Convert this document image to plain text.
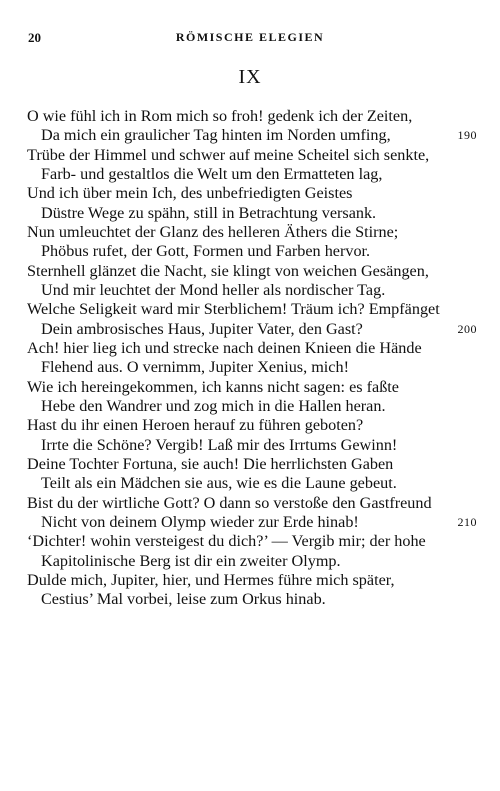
20	RÖMISCHE ELEGIEN
IX
O wie fühl ich in Rom mich so froh! gedenk ich der Zeiten,
Da mich ein graulicher Tag hinten im Norden umfing,	190
Trübe der Himmel und schwer auf meine Scheitel sich senkte,
Farb- und gestaltlos die Welt um den Ermatteten lag,
Und ich über mein Ich, des unbefriedigten Geistes
Düstre Wege zu spähn, still in Betrachtung versank.
Nun umleuchtet der Glanz des helleren Äthers die Stirne;
Phöbus rufet, der Gott, Formen und Farben hervor.
Sternhell glänzet die Nacht, sie klingt von weichen Gesängen,
Und mir leuchtet der Mond heller als nordischer Tag.
Welche Seligkeit ward mir Sterblichem! Träum ich? Empfänget
Dein ambrosisches Haus, Jupiter Vater, den Gast?	200
Ach! hier lieg ich und strecke nach deinen Knieen die Hände
Flehend aus. O vernimm, Jupiter Xenius, mich!
Wie ich hereingekommen, ich kanns nicht sagen: es faßte
Hebe den Wandrer und zog mich in die Hallen heran.
Hast du ihr einen Heroen herauf zu führen geboten?
Irrte die Schöne? Vergib! Laß mir des Irrtums Gewinn!
Deine Tochter Fortuna, sie auch! Die herrlichsten Gaben
Teilt als ein Mädchen sie aus, wie es die Laune gebeut.
Bist du der wirtliche Gott? O dann so verstoße den Gastfreund
Nicht von deinem Olymp wieder zur Erde hinab!	210
‘Dichter! wohin versteigest du dich?’ — Vergib mir; der hohe
Kapitolinische Berg ist dir ein zweiter Olymp.
Dulde mich, Jupiter, hier, und Hermes führe mich später,
Cestius’ Mal vorbei, leise zum Orkus hinab.
